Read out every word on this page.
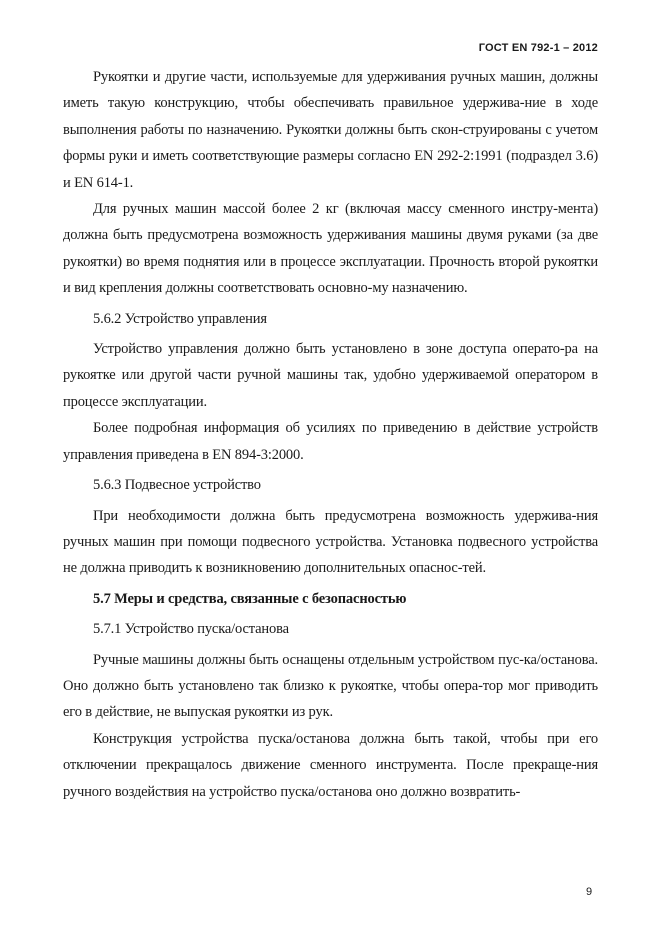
ГОСТ EN 792-1 – 2012

Рукоятки и другие части, используемые для удерживания ручных машин, должны иметь такую конструкцию, чтобы обеспечивать правильное удержива-ние в ходе выполнения работы по назначению. Рукоятки должны быть скон-струированы с учетом формы руки и иметь соответствующие размеры согласно EN 292-2:1991 (подраздел 3.6) и EN 614-1.

Для ручных машин массой более 2 кг (включая массу сменного инстру-мента) должна быть предусмотрена возможность удерживания машины двумя руками (за две рукоятки) во время поднятия или в процессе эксплуатации. Прочность второй рукоятки и вид крепления должны соответствовать основно-му назначению.

5.6.2 Устройство управления

Устройство управления должно быть установлено в зоне доступа операто-ра на рукоятке или другой части ручной машины так, удобно удерживаемой оператором в процессе эксплуатации.

Более подробная информация об усилиях по приведению в действие устройств управления приведена в EN 894-3:2000.

5.6.3 Подвесное устройство

При необходимости должна быть предусмотрена возможность удержива-ния ручных машин при помощи подвесного устройства. Установка подвесного устройства не должна приводить к возникновению дополнительных опаснос-тей.

5.7 Меры и средства, связанные с безопасностью

5.7.1 Устройство пуска/останова

Ручные машины должны быть оснащены отдельным устройством пус-ка/останова. Оно должно быть установлено так близко к рукоятке, чтобы опера-тор мог приводить его в действие, не выпуская рукоятки из рук.

Конструкция устройства пуска/останова должна быть такой, чтобы при его отключении прекращалось движение сменного инструмента. После прекраще-ния ручного воздействия на устройство пуска/останова оно должно возвратить-

9
